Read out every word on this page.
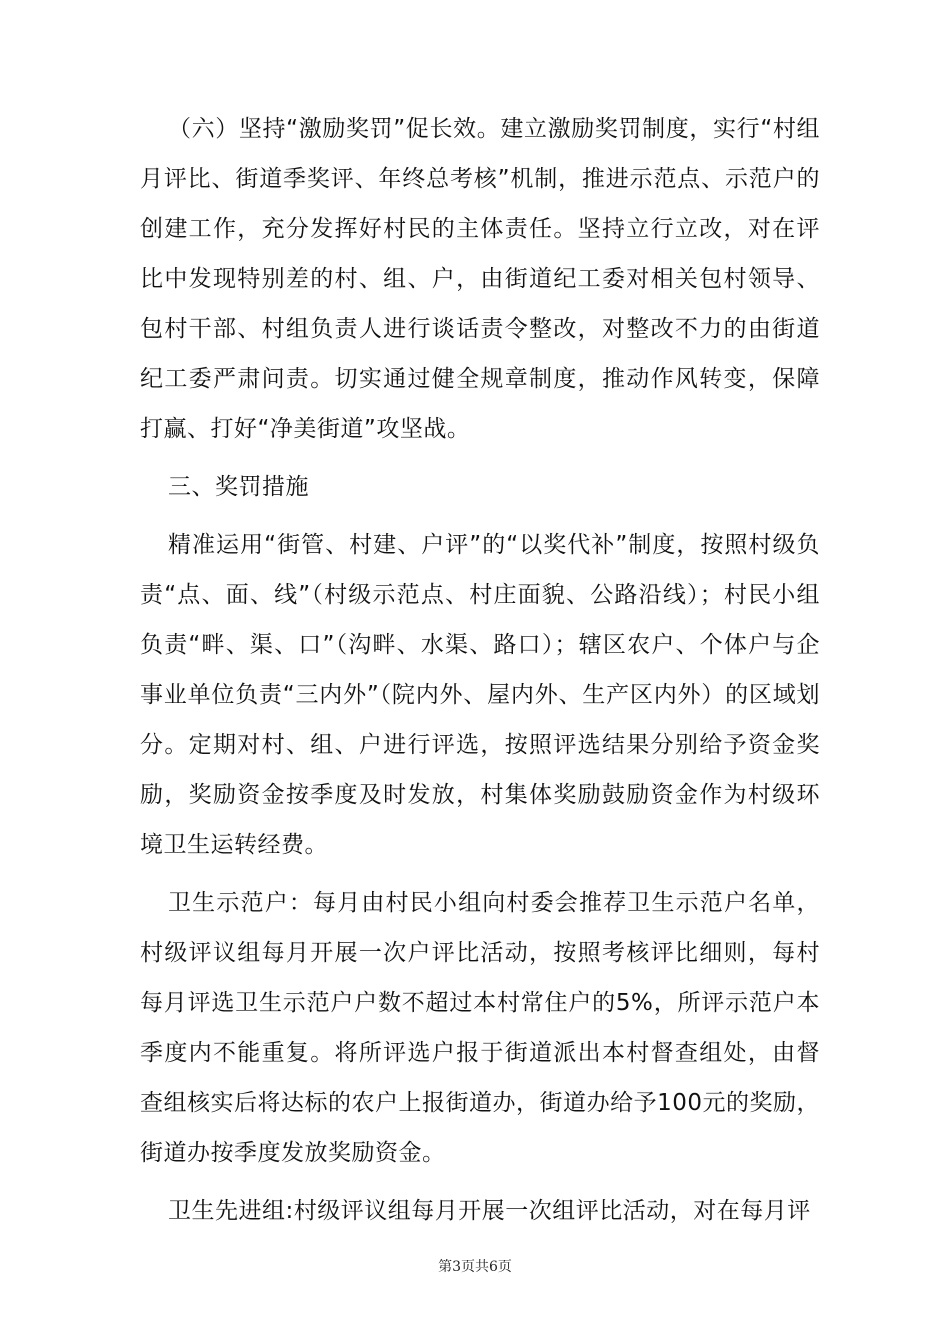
（六）坚持“激励奖罚”促长效。建立激励奖罚制度，实行“村组月评比、街道季奖评、年终总考核”机制，推进示范点、示范户的创建工作，充分发挥好村民的主体责任。坚持立行立改，对在评比中发现特别差的村、组、户，由街道纪工委对相关包村领导、包村干部、村组负责人进行谈话责令整改，对整改不力的由街道纪工委严肃问责。切实通过健全规章制度，推动作风转变，保障打赢、打好“净美街道”攻坚战。

三、奖罚措施

精准运用“街管、村建、户评”的“以奖代补”制度，按照村级负责“点、面、线”（村级示范点、村庄面貌、公路沿线）；村民小组负责“畔、渠、口”（沟畔、水渠、路口）；辖区农户、个体户与企事业单位负责“三内外”（院内外、屋内外、生产区内外）的区域划分。定期对村、组、户进行评选，按照评选结果分别给予资金奖励，奖励资金按季度及时发放，村集体奖励鼓励资金作为村级环境卫生运转经费。

卫生示范户：每月由村民小组向村委会推荐卫生示范户名单，村级评议组每月开展一次户评比活动，按照考核评比细则，每村每月评选卫生示范户户数不超过本村常住户的5%，所评示范户本季度内不能重复。将所评选户报于街道派出本村督查组处，由督查组核实后将达标的农户上报街道办，街道办给予100元的奖励，街道办按季度发放奖励资金。

卫生先进组:村级评议组每月开展一次组评比活动，对在每月评

第3页共6页
